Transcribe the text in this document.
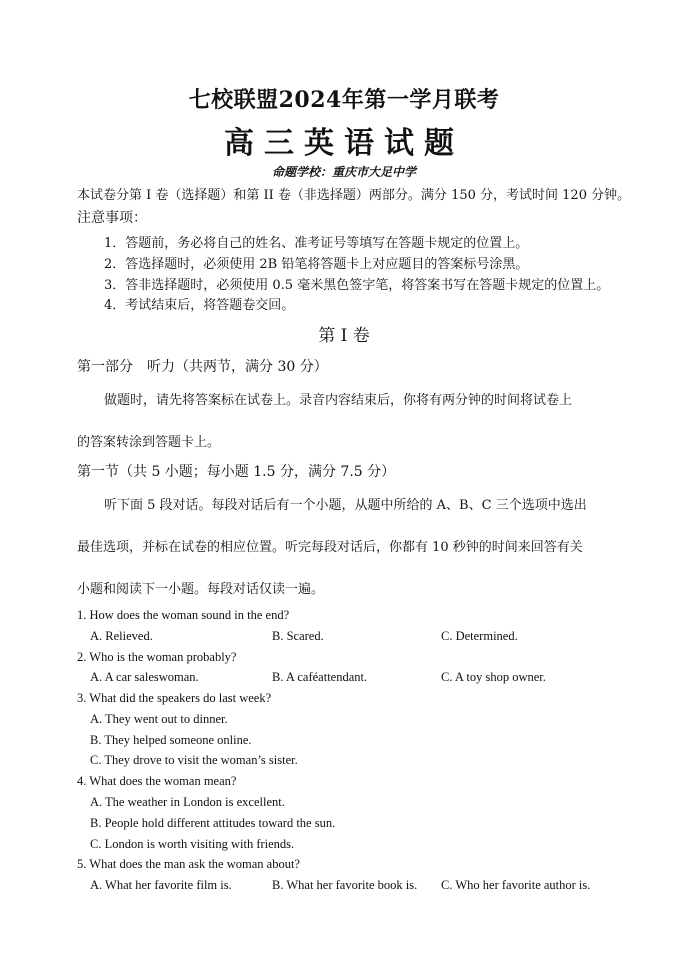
七校联盟2024年第一学月联考
高三英语试题
命题学校：重庆市大足中学
本试卷分第 I 卷（选择题）和第 II 卷（非选择题）两部分。满分 150 分，考试时间 120 分钟。
注意事项：
1．答题前，务必将自己的姓名、准考证号等填写在答题卡规定的位置上。
2．答选择题时，必须使用 2B 铅笔将答题卡上对应题目的答案标号涂黑。
3．答非选择题时，必须使用 0.5 毫米黑色签字笔，将答案书写在答题卡规定的位置上。
4．考试结束后，将答题卷交回。
第 I 卷
第一部分　听力（共两节，满分 30 分）
做题时，请先将答案标在试卷上。录音内容结束后，你将有两分钟的时间将试卷上
的答案转涂到答题卡上。
第一节（共 5 小题；每小题 1.5 分，满分 7.5 分）
听下面 5 段对话。每段对话后有一个小题，从题中所给的 A、B、C 三个选项中选出
最佳选项，并标在试卷的相应位置。听完每段对话后，你都有 10 秒钟的时间来回答有关
小题和阅读下一小题。每段对话仅读一遍。
1. How does the woman sound in the end?
A. Relieved.	B. Scared.	C. Determined.
2. Who is the woman probably?
A. A car saleswoman.	B. A caféattendant.	C. A toy shop owner.
3. What did the speakers do last week?
A. They went out to dinner.
B. They helped someone online.
C. They drove to visit the woman’s sister.
4. What does the woman mean?
A. The weather in London is excellent.
B. People hold different attitudes toward the sun.
C. London is worth visiting with friends.
5. What does the man ask the woman about?
A. What her favorite film is.	B. What her favorite book is. C. Who her favorite author is.
